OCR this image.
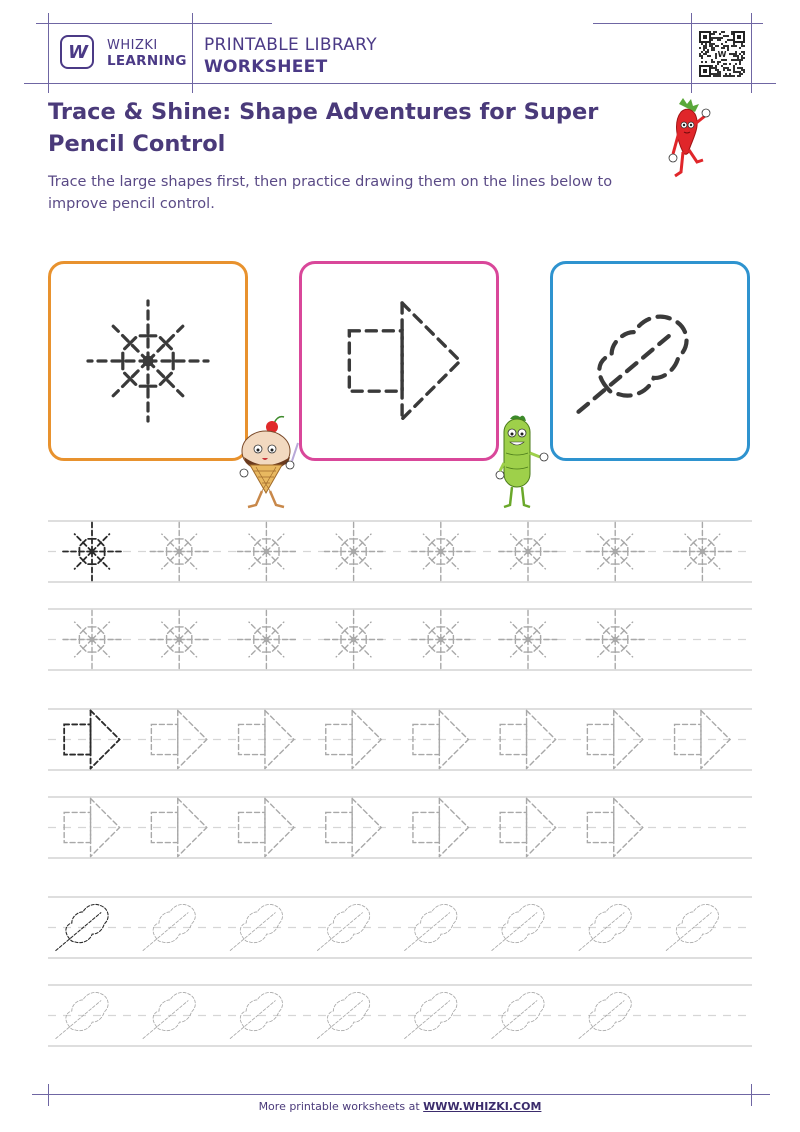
W WHIZKI
LEARNING
PRINTABLE LIBRARY
WORKSHEET
W
Trace & Shine: Shape Adventures for Super Pencil Control
Trace the large shapes first, then practice drawing them on the lines below to improve pencil control.
More printable worksheets at WWW.WHIZKI.COM
